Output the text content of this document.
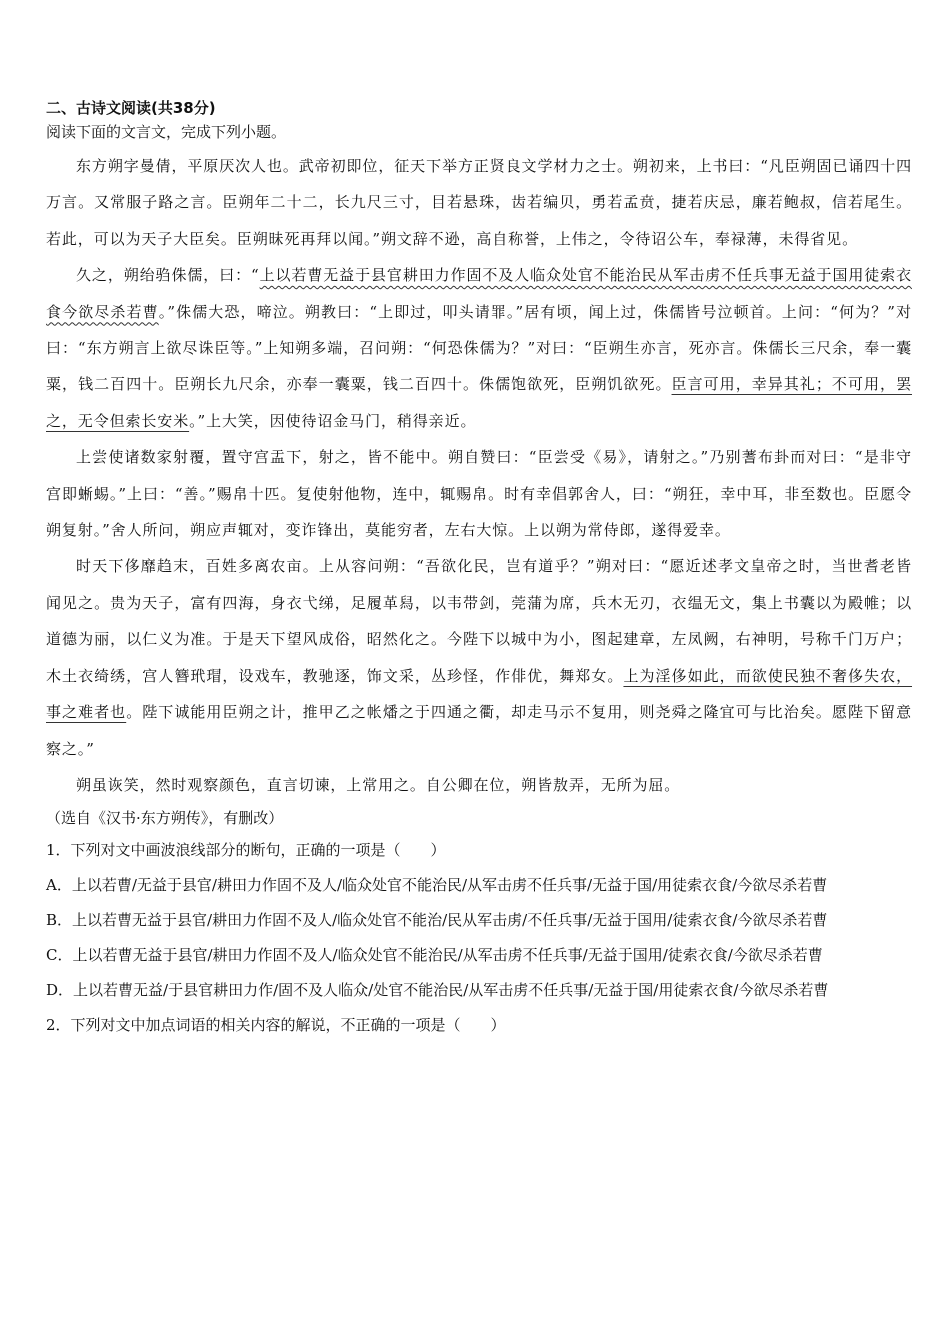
二、古诗文阅读(共38分)

阅读下面的文言文，完成下列小题。

东方朔字曼倩，平原厌次人也。武帝初即位，征天下举方正贤良文学材力之士。朔初来，上书曰：“凡臣朔固已诵四十四万言。又常服子路之言。臣朔年二十二，长九尺三寸，目若悬珠，齿若编贝，勇若孟贲，捷若庆忌，廉若鲍叔，信若尾生。若此，可以为天子大臣矣。臣朔昧死再拜以闻。”朔文辞不逊，高自称誉，上伟之，令待诏公车，奉禄薄，未得省见。

久之，朔绐驺侏儒，曰：“上以若曹无益于县官耕田力作固不及人临众处官不能治民从军击虏不任兵事无益于国用徒索衣食今欲尽杀若曹。”侏儒大恐，啼泣。朔教曰：“上即过，叩头请罪。”居有顷，闻上过，侏儒皆号泣顿首。上问：“何为？”对曰：“东方朔言上欲尽诛臣等。”上知朔多端，召问朔：“何恐侏儒为？”对曰：“臣朔生亦言，死亦言。侏儒长三尺余，奉一囊粟，钱二百四十。臣朔长九尺余，亦奉一囊粟，钱二百四十。侏儒饱欲死，臣朔饥欲死。臣言可用，幸异其礼；不可用，罢之，无令但索长安米。”上大笑，因使待诏金马门，稍得亲近。

上尝使诸数家射覆，置守宫盂下，射之，皆不能中。朔自赞曰：“臣尝受《易》，请射之。”乃别蓍布卦而对曰：“是非守宫即蜥蜴。”上曰：“善。”赐帛十匹。复使射他物，连中，辄赐帛。时有幸倡郭舍人，曰：“朔狂，幸中耳，非至数也。臣愿令朔复射。”舍人所问，朔应声辄对，变诈锋出，莫能穷者，左右大惊。上以朔为常侍郎，遂得爱幸。

时天下侈靡趋末，百姓多离农亩。上从容问朔：“吾欲化民，岂有道乎？”朔对曰：“愿近述孝文皇帝之时，当世耆老皆闻见之。贵为天子，富有四海，身衣弋绨，足履革舄，以韦带剑，莞蒲为席，兵木无刃，衣缊无文，集上书囊以为殿帷；以道德为丽，以仁义为准。于是天下望风成俗，昭然化之。今陛下以城中为小，图起建章，左凤阙，右神明，号称千门万户；木土衣绮绣，宫人簪玳瑁，设戏车，教驰逐，饰文采，丛珍怪，作俳优，舞郑女。上为淫侈如此，而欲使民独不奢侈失农，事之难者也。陛下诚能用臣朔之计，推甲乙之帐燔之于四通之衢，却走马示不复用，则尧舜之隆宜可与比治矣。愿陛下留意察之。”

朔虽诙笑，然时观察颜色，直言切谏，上常用之。自公卿在位，朔皆敖弄，无所为屈。

（选自《汉书·东方朔传》，有删改）

1．下列对文中画波浪线部分的断句，正确的一项是（　　）

A．上以若曹/无益于县官/耕田力作固不及人/临众处官不能治民/从军击虏不任兵事/无益于国/用徒索衣食/今欲尽杀若曹

B．上以若曹无益于县官/耕田力作固不及人/临众处官不能治/民从军击虏/不任兵事/无益于国用/徒索衣食/今欲尽杀若曹

C．上以若曹无益于县官/耕田力作固不及人/临众处官不能治民/从军击虏不任兵事/无益于国用/徒索衣食/今欲尽杀若曹

D．上以若曹无益/于县官耕田力作/固不及人临众/处官不能治民/从军击虏不任兵事/无益于国/用徒索衣食/今欲尽杀若曹

2．下列对文中加点词语的相关内容的解说，不正确的一项是（　　）
